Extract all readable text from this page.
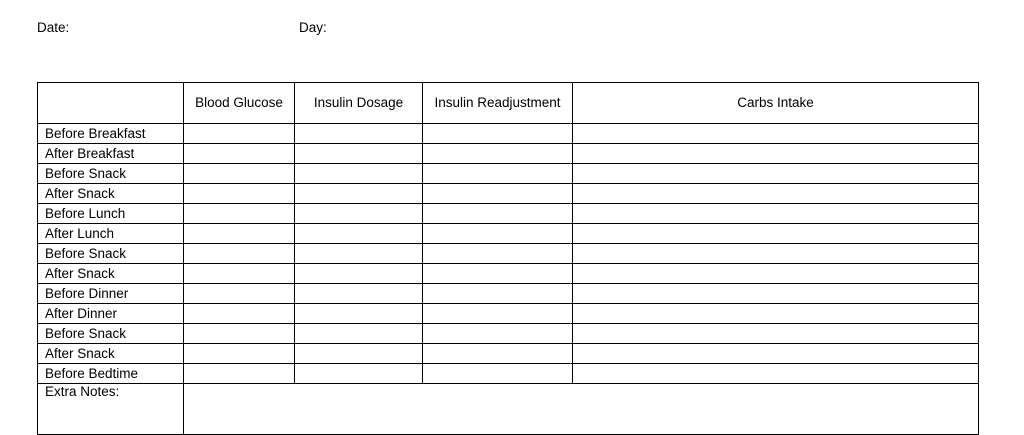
Date:	Day:
	Blood Glucose	Insulin Dosage	Insulin Readjustment	Carbs Intake
Before Breakfast				
After Breakfast				
Before Snack				
After Snack				
Before Lunch				
After Lunch				
Before Snack				
After Snack				
Before Dinner				
After Dinner				
Before Snack				
After Snack				
Before Bedtime				
Extra Notes:				
